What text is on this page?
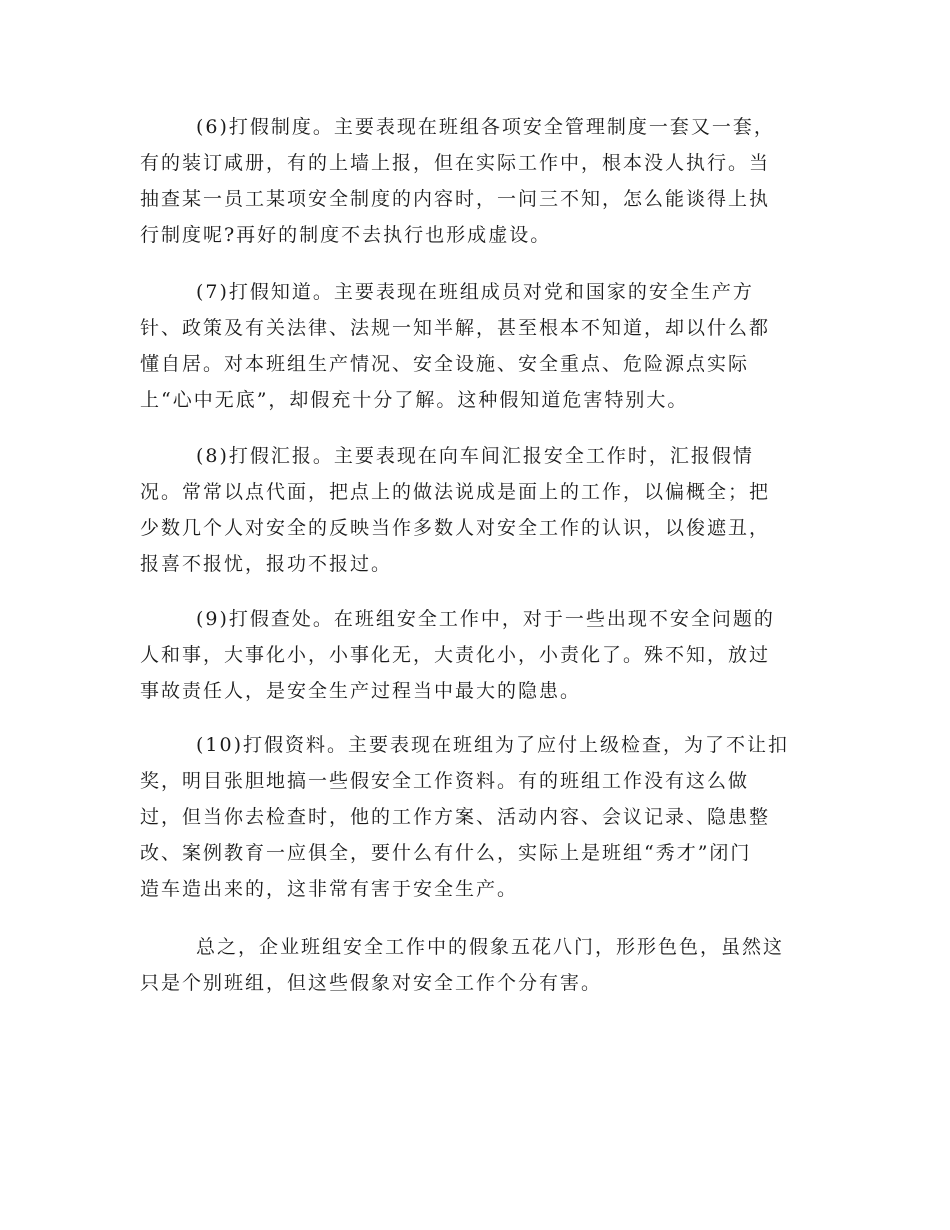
(6)打假制度。主要表现在班组各项安全管理制度一套又一套，
有的装订咸册，有的上墙上报，但在实际工作中，根本没人执行。当
抽查某一员工某项安全制度的内容时，一问三不知，怎么能谈得上执
行制度呢?再好的制度不去执行也形成虚设。

(7)打假知道。主要表现在班组成员对党和国家的安全生产方
针、政策及有关法律、法规一知半解，甚至根本不知道，却以什么都
懂自居。对本班组生产情况、安全设施、安全重点、危险源点实际
上“心中无底”，却假充十分了解。这种假知道危害特别大。

(8)打假汇报。主要表现在向车间汇报安全工作时，汇报假情
况。常常以点代面，把点上的做法说成是面上的工作，以偏概全；把
少数几个人对安全的反映当作多数人对安全工作的认识，以俊遮丑，
报喜不报忧，报功不报过。

(9)打假查处。在班组安全工作中，对于一些出现不安全问题的
人和事，大事化小，小事化无，大责化小，小责化了。殊不知，放过
事故责任人，是安全生产过程当中最大的隐患。

(10)打假资料。主要表现在班组为了应付上级检查，为了不让扣
奖，明目张胆地搞一些假安全工作资料。有的班组工作没有这么做
过，但当你去检查时，他的工作方案、活动内容、会议记录、隐患整
改、案例教育一应俱全，要什么有什么，实际上是班组“秀才”闭门
造车造出来的，这非常有害于安全生产。

总之，企业班组安全工作中的假象五花八门，形形色色，虽然这
只是个别班组，但这些假象对安全工作个分有害。
